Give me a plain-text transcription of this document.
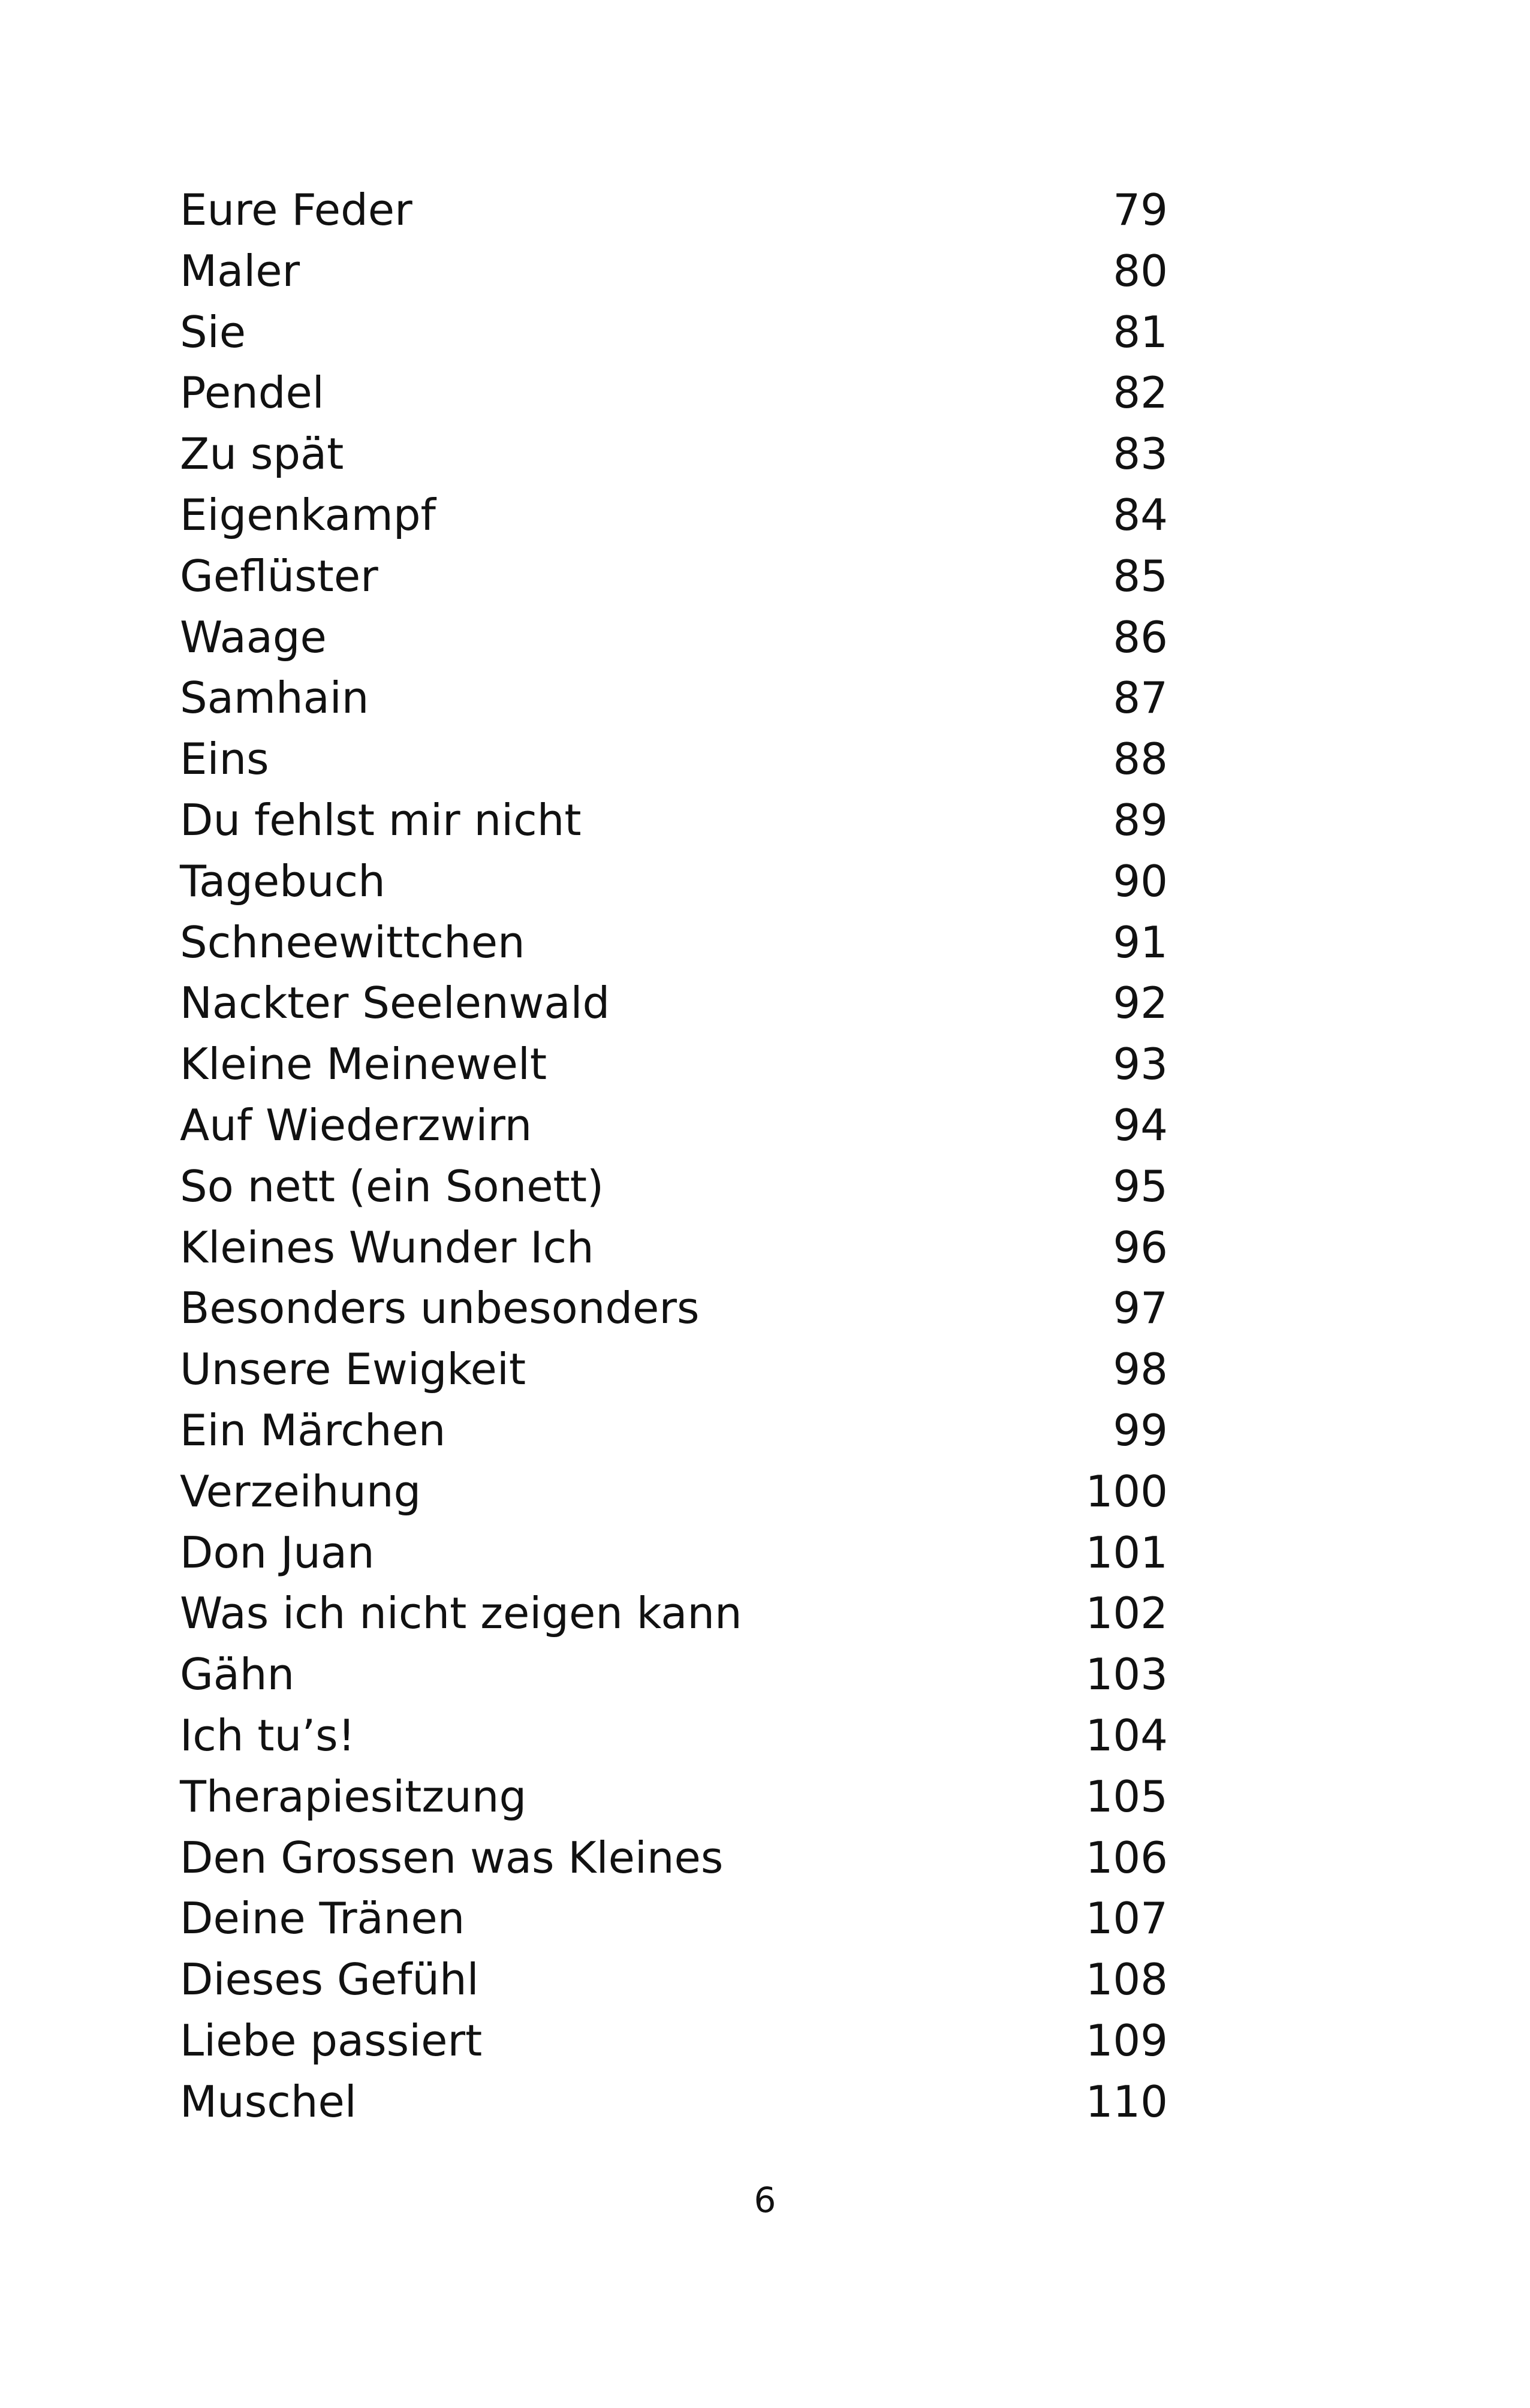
Eure Feder	79
Maler	80
Sie	81
Pendel	82
Zu spät	83
Eigenkampf	84
Geflüster	85
Waage	86
Samhain	87
Eins	88
Du fehlst mir nicht	89
Tagebuch	90
Schneewittchen	91
Nackter Seelenwald	92
Kleine Meinewelt	93
Auf Wiederzwirn	94
So nett (ein Sonett)	95
Kleines Wunder Ich	96
Besonders unbesonders	97
Unsere Ewigkeit	98
Ein Märchen	99
Verzeihung	100
Don Juan	101
Was ich nicht zeigen kann	102
Gähn	103
Ich tu’s!	104
Therapiesitzung	105
Den Grossen was Kleines	106
Deine Tränen	107
Dieses Gefühl	108
Liebe passiert	109
Muschel	110
6
